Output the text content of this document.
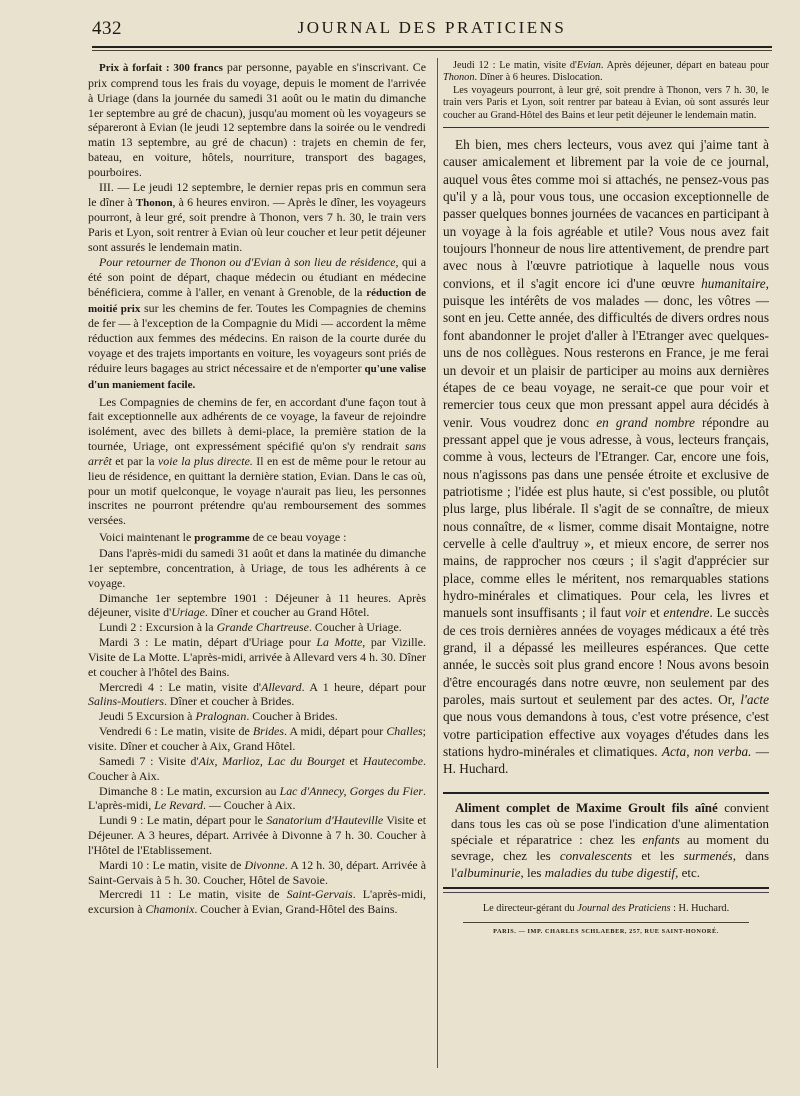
432	JOURNAL DES PRATICIENS

Prix à forfait : 300 francs par personne, payable en s'inscrivant. Ce prix comprend tous les frais du voyage, depuis le moment de l'arrivée à Uriage (dans la journée du samedi 31 août ou le matin du dimanche 1er septembre au gré de chacun), jusqu'au moment où les voyageurs se sépareront à Evian (le jeudi 12 septembre dans la soirée ou le vendredi matin 13 septembre, au gré de chacun) : trajets en chemin de fer, bateau, en voiture, hôtels, nourriture, transport des bagages, pourboires.

III. — Le jeudi 12 septembre, le dernier repas pris en commun sera le dîner à Thonon, à 6 heures environ. — Après le dîner, les voyageurs pourront, à leur gré, soit prendre à Thonon, vers 7 h. 30, le train vers Paris et Lyon, soit rentrer à Evian où leur coucher et leur petit déjeuner sont assurés le lendemain matin.

Pour retourner de Thonon ou d'Evian à son lieu de résidence, qui a été son point de départ, chaque médecin ou étudiant en médecine bénéficiera, comme à l'aller, en venant à Grenoble, de la réduction de moitié prix sur les chemins de fer. Toutes les Compagnies de chemins de fer — à l'exception de la Compagnie du Midi — accordent la même réduction aux femmes des médecins. En raison de la courte durée du voyage et des trajets importants en voiture, les voyageurs sont priés de réduire leurs bagages au strict nécessaire et de n'emporter qu'une valise d'un maniement facile.

Les Compagnies de chemins de fer, en accordant d'une façon tout à fait exceptionnelle aux adhérents de ce voyage, la faveur de rejoindre isolément, avec des billets à demi-place, la première station de la tournée, Uriage, ont expressément spécifié qu'on s'y rendrait sans arrêt et par la voie la plus directe. Il en est de même pour le retour au lieu de résidence, en quittant la dernière station, Evian. Dans le cas où, pour un motif quelconque, le voyage n'aurait pas lieu, les personnes inscrites ne pourront prétendre qu'au remboursement des sommes versées.

Voici maintenant le programme de ce beau voyage :

Dans l'après-midi du samedi 31 août et dans la matinée du dimanche 1er septembre, concentration, à Uriage, de tous les adhérents à ce voyage.

Dimanche 1er septembre 1901 : Déjeuner à 11 heures. Après déjeuner, visite d'Uriage. Dîner et coucher au Grand Hôtel.

Lundi 2 : Excursion à la Grande Chartreuse. Coucher à Uriage.

Mardi 3 : Le matin, départ d'Uriage pour La Motte, par Vizille. Visite de La Motte. L'après-midi, arrivée à Allevard vers 4 h. 30. Dîner et coucher à l'hôtel des Bains.

Mercredi 4 : Le matin, visite d'Allevard. A 1 heure, départ pour Salins-Moutiers. Dîner et coucher à Brides.

Jeudi 5 Excursion à Pralognan. Coucher à Brides.

Vendredi 6 : Le matin, visite de Brides. A midi, départ pour Challes; visite. Dîner et coucher à Aix, Grand Hôtel.

Samedi 7 : Visite d'Aix, Marlioz, Lac du Bourget et Hautecombe. Coucher à Aix.

Dimanche 8 : Le matin, excursion au Lac d'Annecy, Gorges du Fier. L'après-midi, Le Revard. — Coucher à Aix.

Lundi 9 : Le matin, départ pour le Sanatorium d'Hauteville Visite et Déjeuner. A 3 heures, départ. Arrivée à Divonne à 7 h. 30. Coucher à l'Hôtel de l'Etablissement.

Mardi 10 : Le matin, visite de Divonne. A 12 h. 30, départ. Arrivée à Saint-Gervais à 5 h. 30. Coucher, Hôtel de Savoie.

Mercredi 11 : Le matin, visite de Saint-Gervais. L'après-midi, excursion à Chamonix. Coucher à Evian, Grand-Hôtel des Bains.

Jeudi 12 : Le matin, visite d'Evian. Après déjeuner, départ en bateau pour Thonon. Dîner à 6 heures. Dislocation.

Les voyageurs pourront, à leur gré, soit prendre à Thonon, vers 7 h. 30, le train vers Paris et Lyon, soit rentrer par bateau à Evian, où sont assurés leur coucher au Grand-Hôtel des Bains et leur petit déjeuner le lendemain matin.

Eh bien, mes chers lecteurs, vous avez qui j'aime tant à causer amicalement et librement par la voie de ce journal, auquel vous êtes comme moi si attachés, ne pensez-vous pas qu'il y a là, pour vous tous, une occasion exceptionnelle de passer quelques bonnes journées de vacances en participant à un voyage à la fois agréable et utile? Vous nous avez fait toujours l'honneur de nous lire attentivement, de prendre part avec nous à l'œuvre patriotique à laquelle nous vous convions, et il s'agit encore ici d'une œuvre humanitaire, puisque les intérêts de vos malades — donc, les vôtres — sont en jeu. Cette année, des difficultés de divers ordres nous font abandonner le projet d'aller à l'Etranger avec quelques-uns de nos collègues. Nous resterons en France, je me ferai un devoir et un plaisir de participer au moins aux dernières étapes de ce beau voyage, ne serait-ce que pour voir et remercier tous ceux que mon pressant appel aura décidés à venir. Vous voudrez donc en grand nombre répondre au pressant appel que je vous adresse, à vous, lecteurs français, comme à vous, lecteurs de l'Etranger. Car, encore une fois, nous n'agissons pas dans une pensée étroite et exclusive de patriotisme ; l'idée est plus haute, si c'est possible, ou plutôt plus large, plus libérale. Il s'agit de se connaître, de mieux nous connaître, de « lismer, comme disait Montaigne, notre cervelle à celle d'aultruy », et mieux encore, de serrer nos mains, de rapprocher nos cœurs ; il s'agit d'apprécier sur place, comme elles le méritent, nos remarquables stations hydro-minérales et climatiques. Pour cela, les livres et manuels sont insuffisants ; il faut voir et entendre. Le succès de ces trois dernières années de voyages médicaux a été très grand, il a dépassé les meilleures espérances. Que cette année, le succès soit plus grand encore ! Nous avons besoin d'être encouragés dans notre œuvre, non seulement par des paroles, mais surtout et seulement par des actes. Or, l'acte que nous vous demandons à tous, c'est votre présence, c'est votre participation effective aux voyages d'études dans les stations hydro-minérales et climatiques. Acta, non verba. — H. Huchard.

Aliment complet de Maxime Groult fils aîné convient dans tous les cas où se pose l'indication d'une alimentation spéciale et réparatrice : chez les enfants au moment du sevrage, chez les convalescents et les surmenés, dans l'albuminurie, les maladies du tube digestif, etc.

Le directeur-gérant du Journal des Praticiens : H. Huchard.

PARIS. — IMP. CHARLES SCHLAEBER, 257, RUE SAINT-HONORÉ.
